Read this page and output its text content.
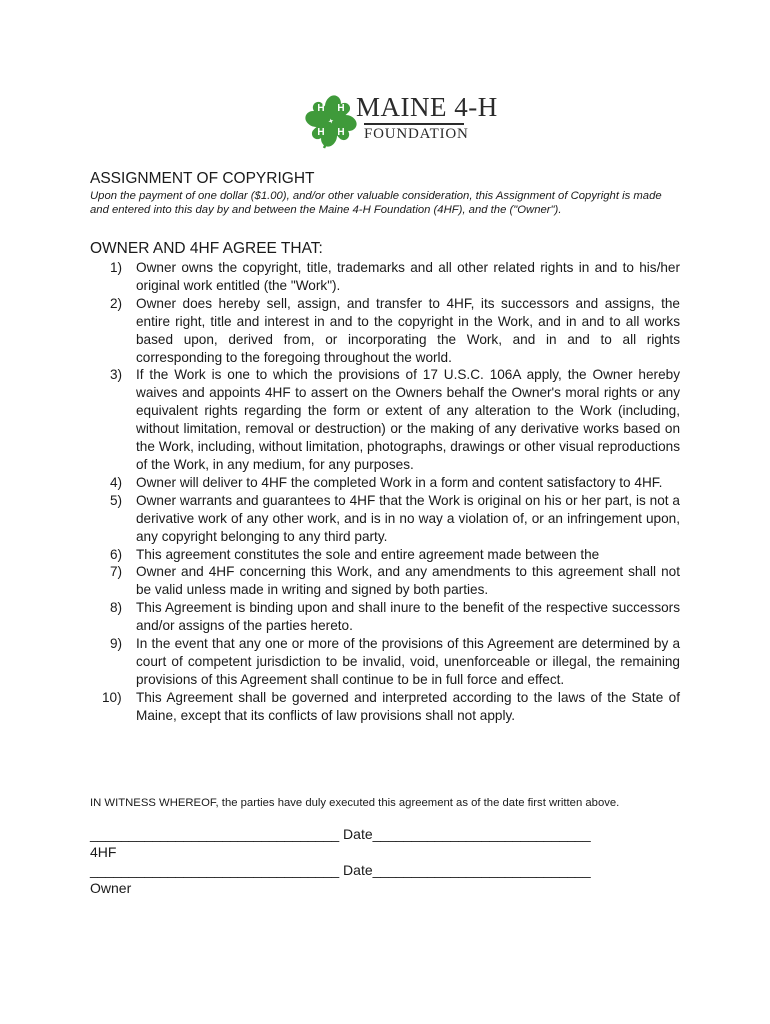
H H
H H
MAINE 4-H
FOUNDATION
ASSIGNMENT OF COPYRIGHT
Upon the payment of one dollar ($1.00), and/or other valuable consideration, this Assignment of Copyright is made and entered into this day by and between the Maine 4-H Foundation (4HF), and the ("Owner").
OWNER AND 4HF AGREE THAT:
1) Owner owns the copyright, title, trademarks and all other related rights in and to his/her original work entitled (the "Work").
2) Owner does hereby sell, assign, and transfer to 4HF, its successors and assigns, the entire right, title and interest in and to the copyright in the Work, and in and to all works based upon, derived from, or incorporating the Work, and in and to all rights corresponding to the foregoing throughout the world.
3) If the Work is one to which the provisions of 17 U.S.C. 106A apply, the Owner hereby waives and appoints 4HF to assert on the Owners behalf the Owner's moral rights or any equivalent rights regarding the form or extent of any alteration to the Work (including, without limitation, removal or destruction) or the making of any derivative works based on the Work, including, without limitation, photographs, drawings or other visual reproductions of the Work, in any medium, for any purposes.
4) Owner will deliver to 4HF the completed Work in a form and content satisfactory to 4HF.
5) Owner warrants and guarantees to 4HF that the Work is original on his or her part, is not a derivative work of any other work, and is in no way a violation of, or an infringement upon, any copyright belonging to any third party.
6) This agreement constitutes the sole and entire agreement made between the
7) Owner and 4HF concerning this Work, and any amendments to this agreement shall not be valid unless made in writing and signed by both parties.
8) This Agreement is binding upon and shall inure to the benefit of the respective successors and/or assigns of the parties hereto.
9) In the event that any one or more of the provisions of this Agreement are determined by a court of competent jurisdiction to be invalid, void, unenforceable or illegal, the remaining provisions of this Agreement shall continue to be in full force and effect.
10) This Agreement shall be governed and interpreted according to the laws of the State of Maine, except that its conflicts of law provisions shall not apply.
IN WITNESS WHEREOF, the parties have duly executed this agreement as of the date first written above.
________________________________ Date____________________________
4HF
________________________________ Date____________________________
Owner
